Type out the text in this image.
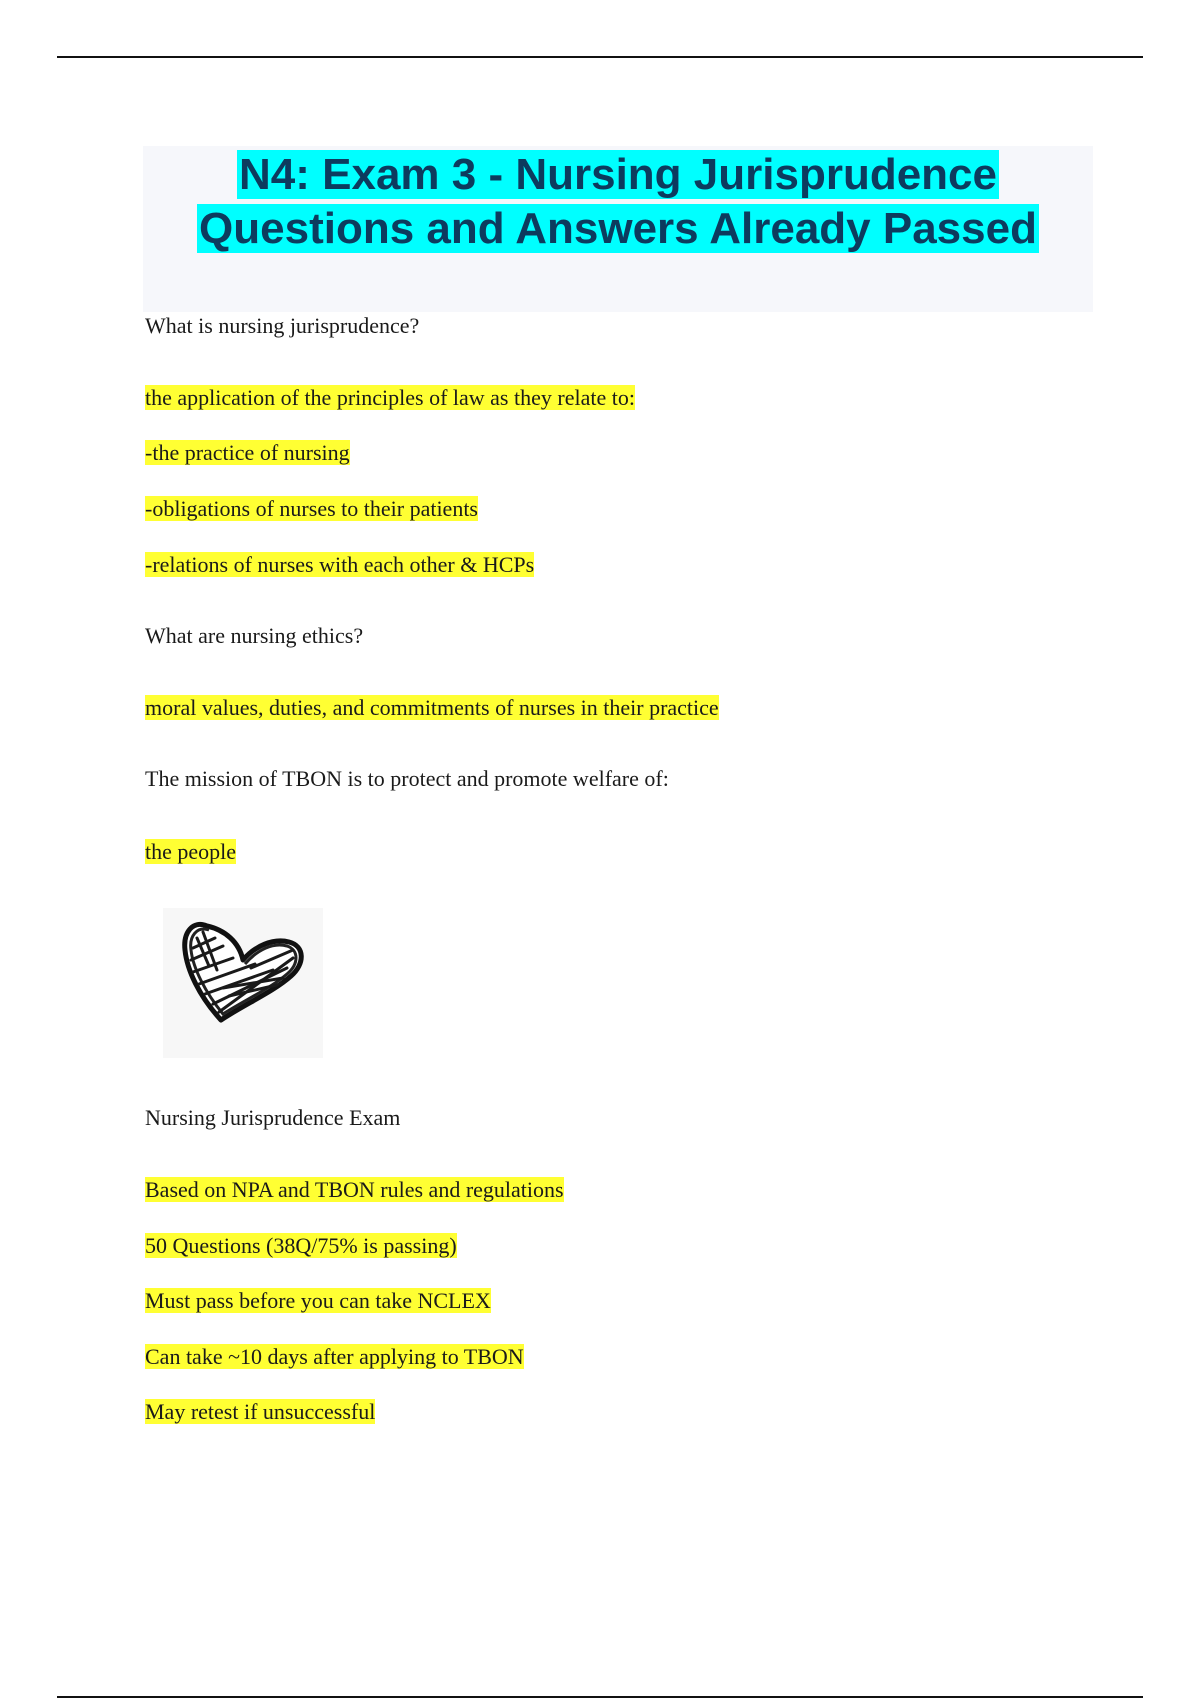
N4: Exam 3 - Nursing Jurisprudence
Questions and Answers Already Passed
What is nursing jurisprudence?
the application of the principles of law as they relate to:
-the practice of nursing
-obligations of nurses to their patients
-relations of nurses with each other & HCPs
What are nursing ethics?
moral values, duties, and commitments of nurses in their practice
The mission of TBON is to protect and promote welfare of:
the people
Nursing Jurisprudence Exam
Based on NPA and TBON rules and regulations
50 Questions (38Q/75% is passing)
Must pass before you can take NCLEX
Can take ~10 days after applying to TBON
May retest if unsuccessful
